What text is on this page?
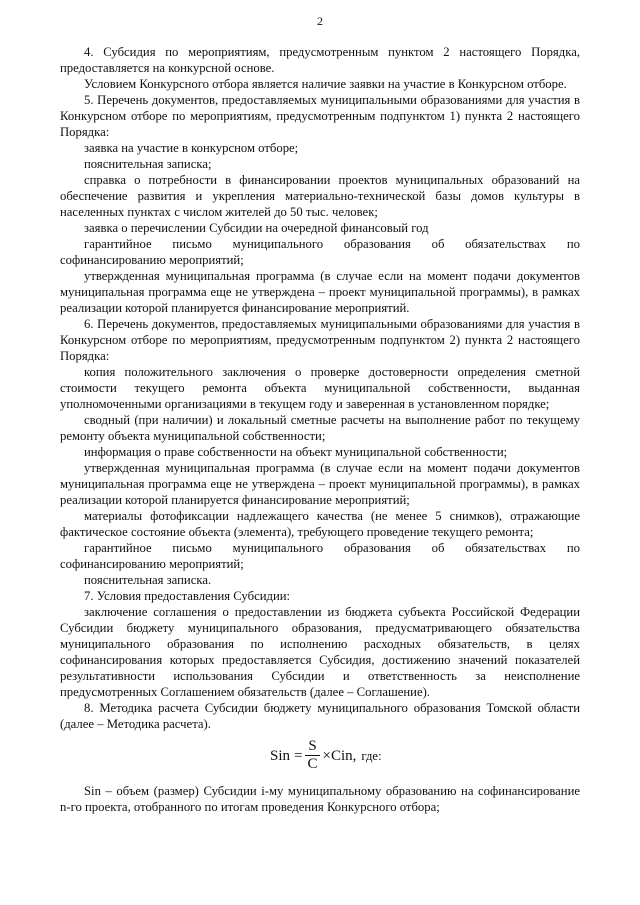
2

4. Субсидия по мероприятиям, предусмотренным пунктом 2 настоящего Порядка, предоставляется на конкурсной основе.

Условием Конкурсного отбора является наличие заявки на участие в Конкурсном отборе.

5. Перечень документов, предоставляемых муниципальными образованиями для участия в Конкурсном отборе по мероприятиям, предусмотренным подпунктом 1) пункта 2 настоящего Порядка:

заявка на участие в конкурсном отборе;

пояснительная записка;

справка о потребности в финансировании проектов муниципальных образований на обеспечение развития и укрепления материально-технической базы домов культуры в населенных пунктах с числом жителей до 50 тыс. человек;

заявка о перечислении Субсидии на очередной финансовый год

гарантийное письмо муниципального образования об обязательствах по софинансированию мероприятий;

утвержденная муниципальная программа (в случае если на момент подачи документов муниципальная программа еще не утверждена – проект муниципальной программы), в рамках реализации которой планируется финансирование мероприятий.

6. Перечень документов, предоставляемых муниципальными образованиями для участия в Конкурсном отборе по мероприятиям, предусмотренным подпунктом 2) пункта 2 настоящего Порядка:

копия положительного заключения о проверке достоверности определения сметной стоимости текущего ремонта объекта муниципальной собственности, выданная уполномоченными организациями в текущем году и заверенная в установленном порядке;

сводный (при наличии) и локальный сметные расчеты на выполнение работ по текущему ремонту объекта муниципальной собственности;

информация о праве собственности на объект муниципальной собственности;

утвержденная муниципальная программа (в случае если на момент подачи документов муниципальная программа еще не утверждена – проект муниципальной программы), в рамках реализации которой планируется финансирование мероприятий;

материалы фотофиксации надлежащего качества (не менее 5 снимков), отражающие фактическое состояние объекта (элемента), требующего проведение текущего ремонта;

гарантийное письмо муниципального образования об обязательствах по софинансированию мероприятий;

пояснительная записка.

7. Условия предоставления Субсидии:

заключение соглашения о предоставлении из бюджета субъекта Российской Федерации Субсидии бюджету муниципального образования, предусматривающего обязательства муниципального образования по исполнению расходных обязательств, в целях софинансирования которых предоставляется Субсидия, достижению значений показателей результативности использования Субсидии и ответственность за неисполнение предусмотренных Соглашением обязательств (далее – Соглашение).

8. Методика расчета Субсидии бюджету муниципального образования Томской области (далее – Методика расчета).

Sin = $\frac{S}{C}$ × Cin, где:

Sin – объем (размер) Субсидии i-му муниципальному образованию на софинансирование n-го проекта, отобранного по итогам проведения Конкурсного отбора;
